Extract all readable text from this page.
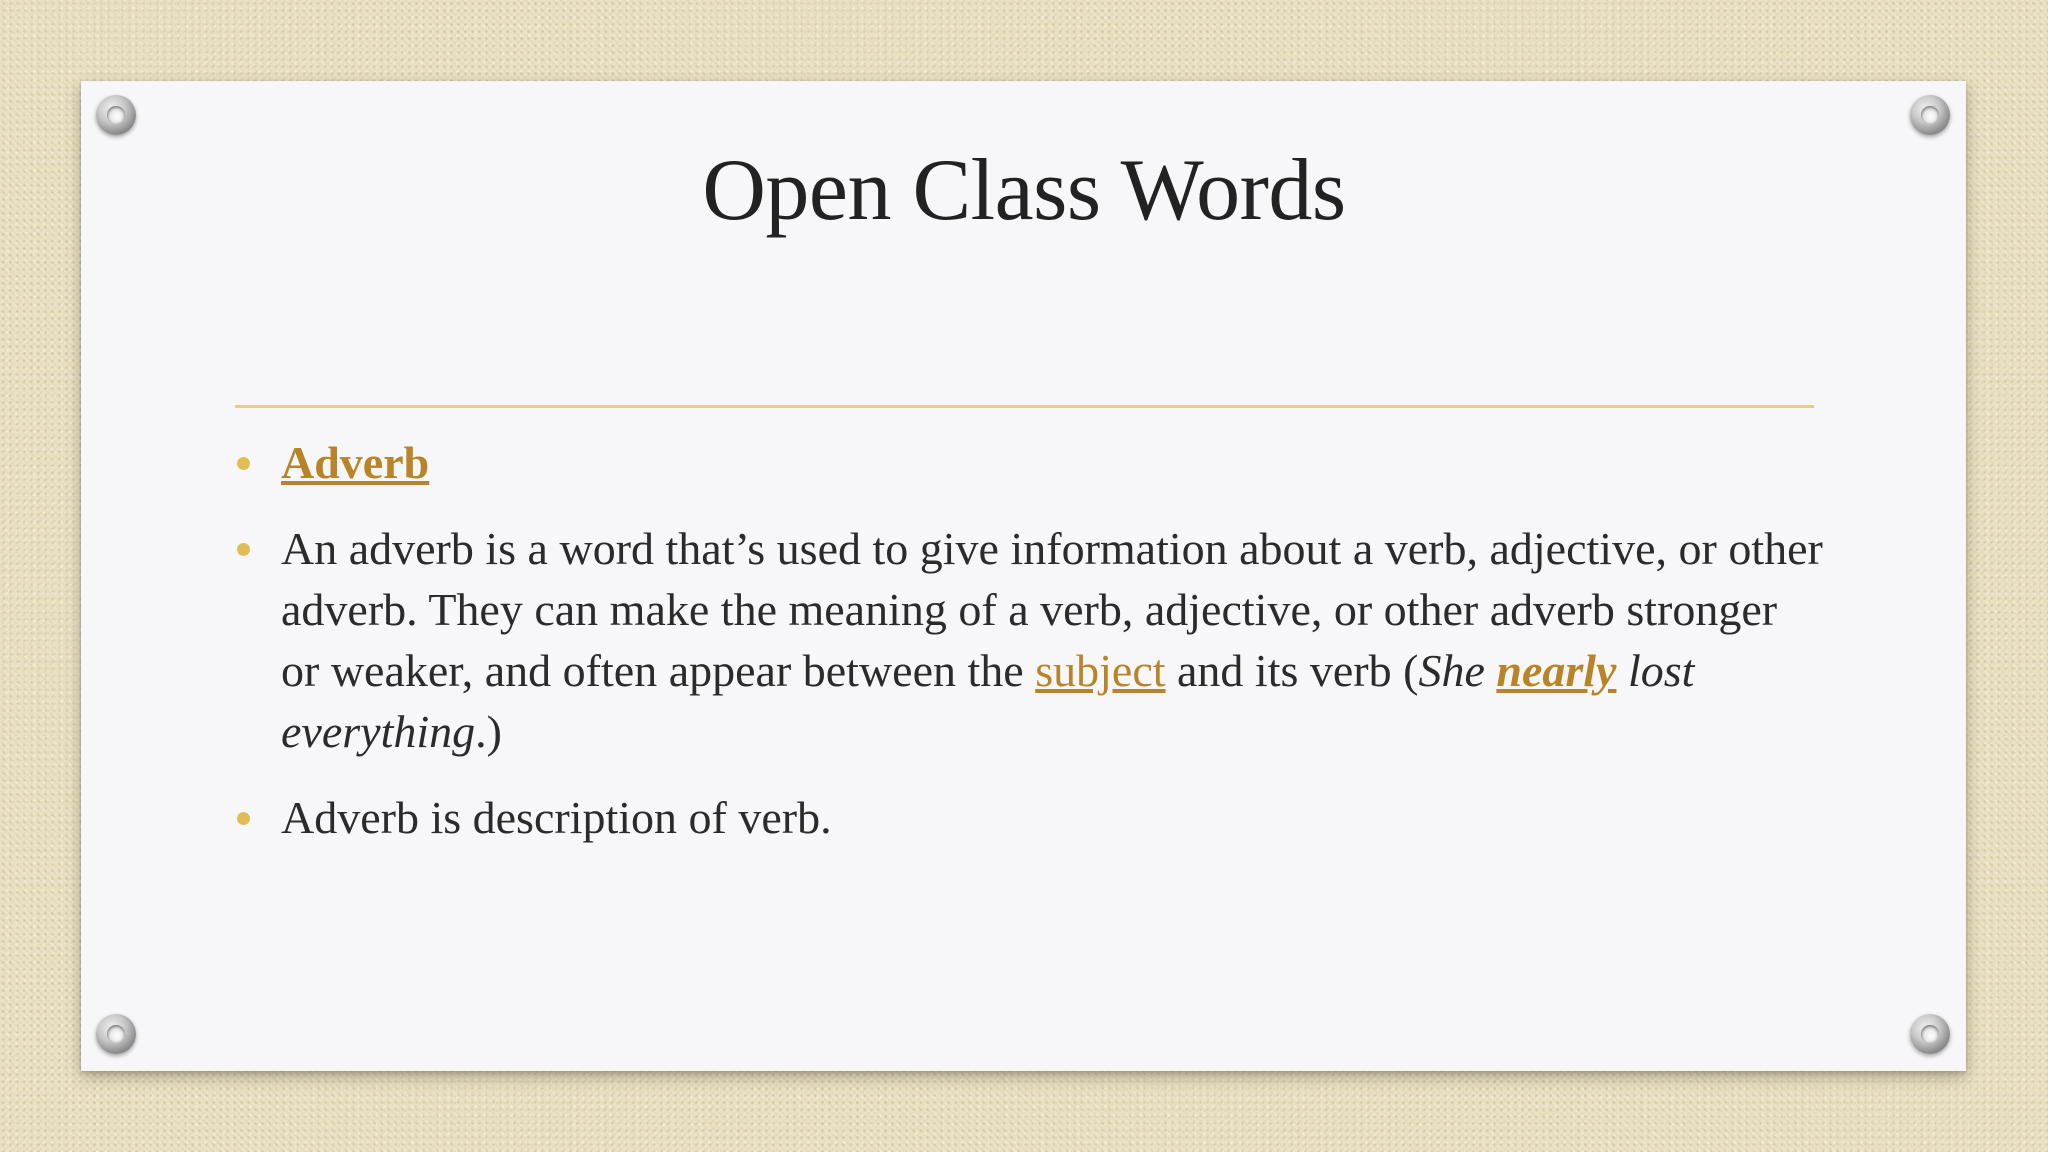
Open Class Words
Adverb
An adverb is a word that’s used to give information about a verb, adjective, or other adverb. They can make the meaning of a verb, adjective, or other adverb stronger or weaker, and often appear between the subject and its verb (She nearly lost everything.)
Adverb is description of verb.
